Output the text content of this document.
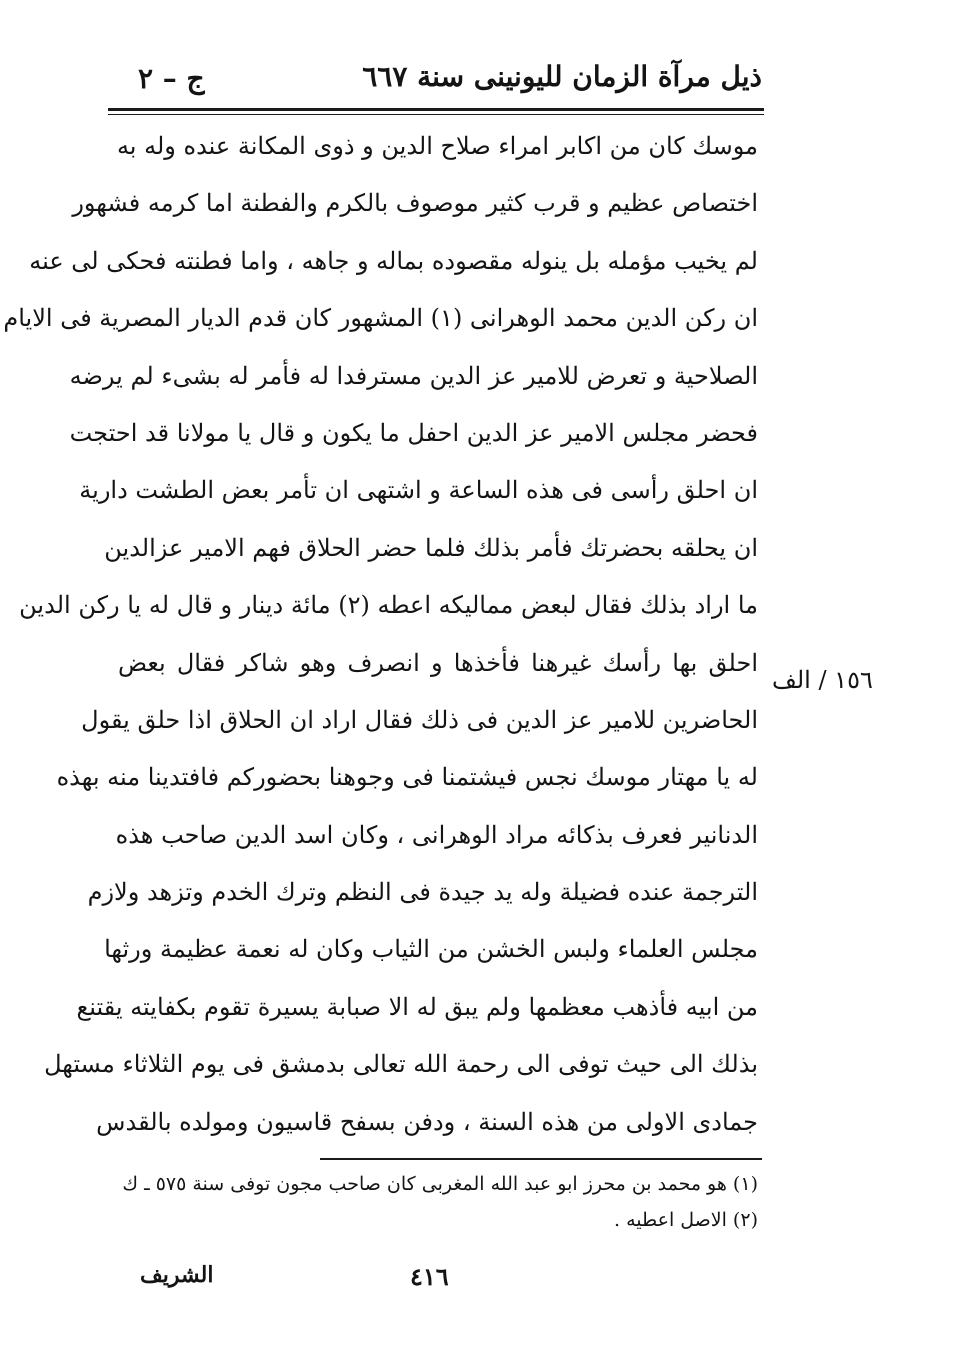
ذيل مرآة الزمان لليونينى سنة ٦٦٧
ج – ٢
موسك كان من اكابر امراء صلاح الدين و ذوى المكانة عنده وله به
اختصاص عظيم و قرب كثير موصوف بالكرم والفطنة اما كرمه فشهور
لم يخيب مؤمله بل ينوله مقصوده بماله و جاهه ، واما فطنته فحكى لى عنه
ان ركن الدين محمد الوهرانى (١) المشهور كان قدم الديار المصرية فى الايام
الصلاحية و تعرض للامير عز الدين مسترفدا له فأمر له بشىء لم يرضه
فحضر مجلس الامير عز الدين احفل ما يكون و قال يا مولانا قد احتجت
ان احلق رأسى فى هذه الساعة و اشتهى ان تأمر بعض الطشت دارية
ان يحلقه بحضرتك فأمر بذلك فلما حضر الحلاق فهم الامير عزالدين
ما اراد بذلك فقال لبعض مماليكه اعطه (٢) مائة دينار و قال له يا ركن الدين
احلق بها رأسك غيرهنا فأخذها و انصرف وهو شاكر فقال بعض
الحاضرين للامير عز الدين فى ذلك فقال اراد ان الحلاق اذا حلق يقول
له يا مهتار موسك نجس فيشتمنا فى وجوهنا بحضوركم فافتدينا منه بهذه
الدنانير فعرف بذكائه مراد الوهرانى ، وكان اسد الدين صاحب هذه
الترجمة عنده فضيلة وله يد جيدة فى النظم وترك الخدم وتزهد ولازم
مجلس العلماء ولبس الخشن من الثياب وكان له نعمة عظيمة ورثها
من ابيه فأذهب معظمها ولم يبق له الا صبابة يسيرة تقوم بكفايته يقتنع
بذلك الى حيث توفى الى رحمة الله تعالى بدمشق فى يوم الثلاثاء مستهل
جمادى الاولى من هذه السنة ، ودفن بسفح قاسيون ومولده بالقدس
١٥٦ / الف
(١) هو محمد بن محرز ابو عبد الله المغربى كان صاحب مجون توفى سنة ٥٧٥ ـ ك
(٢) الاصل اعطيه .
الشريف	٤١٦
